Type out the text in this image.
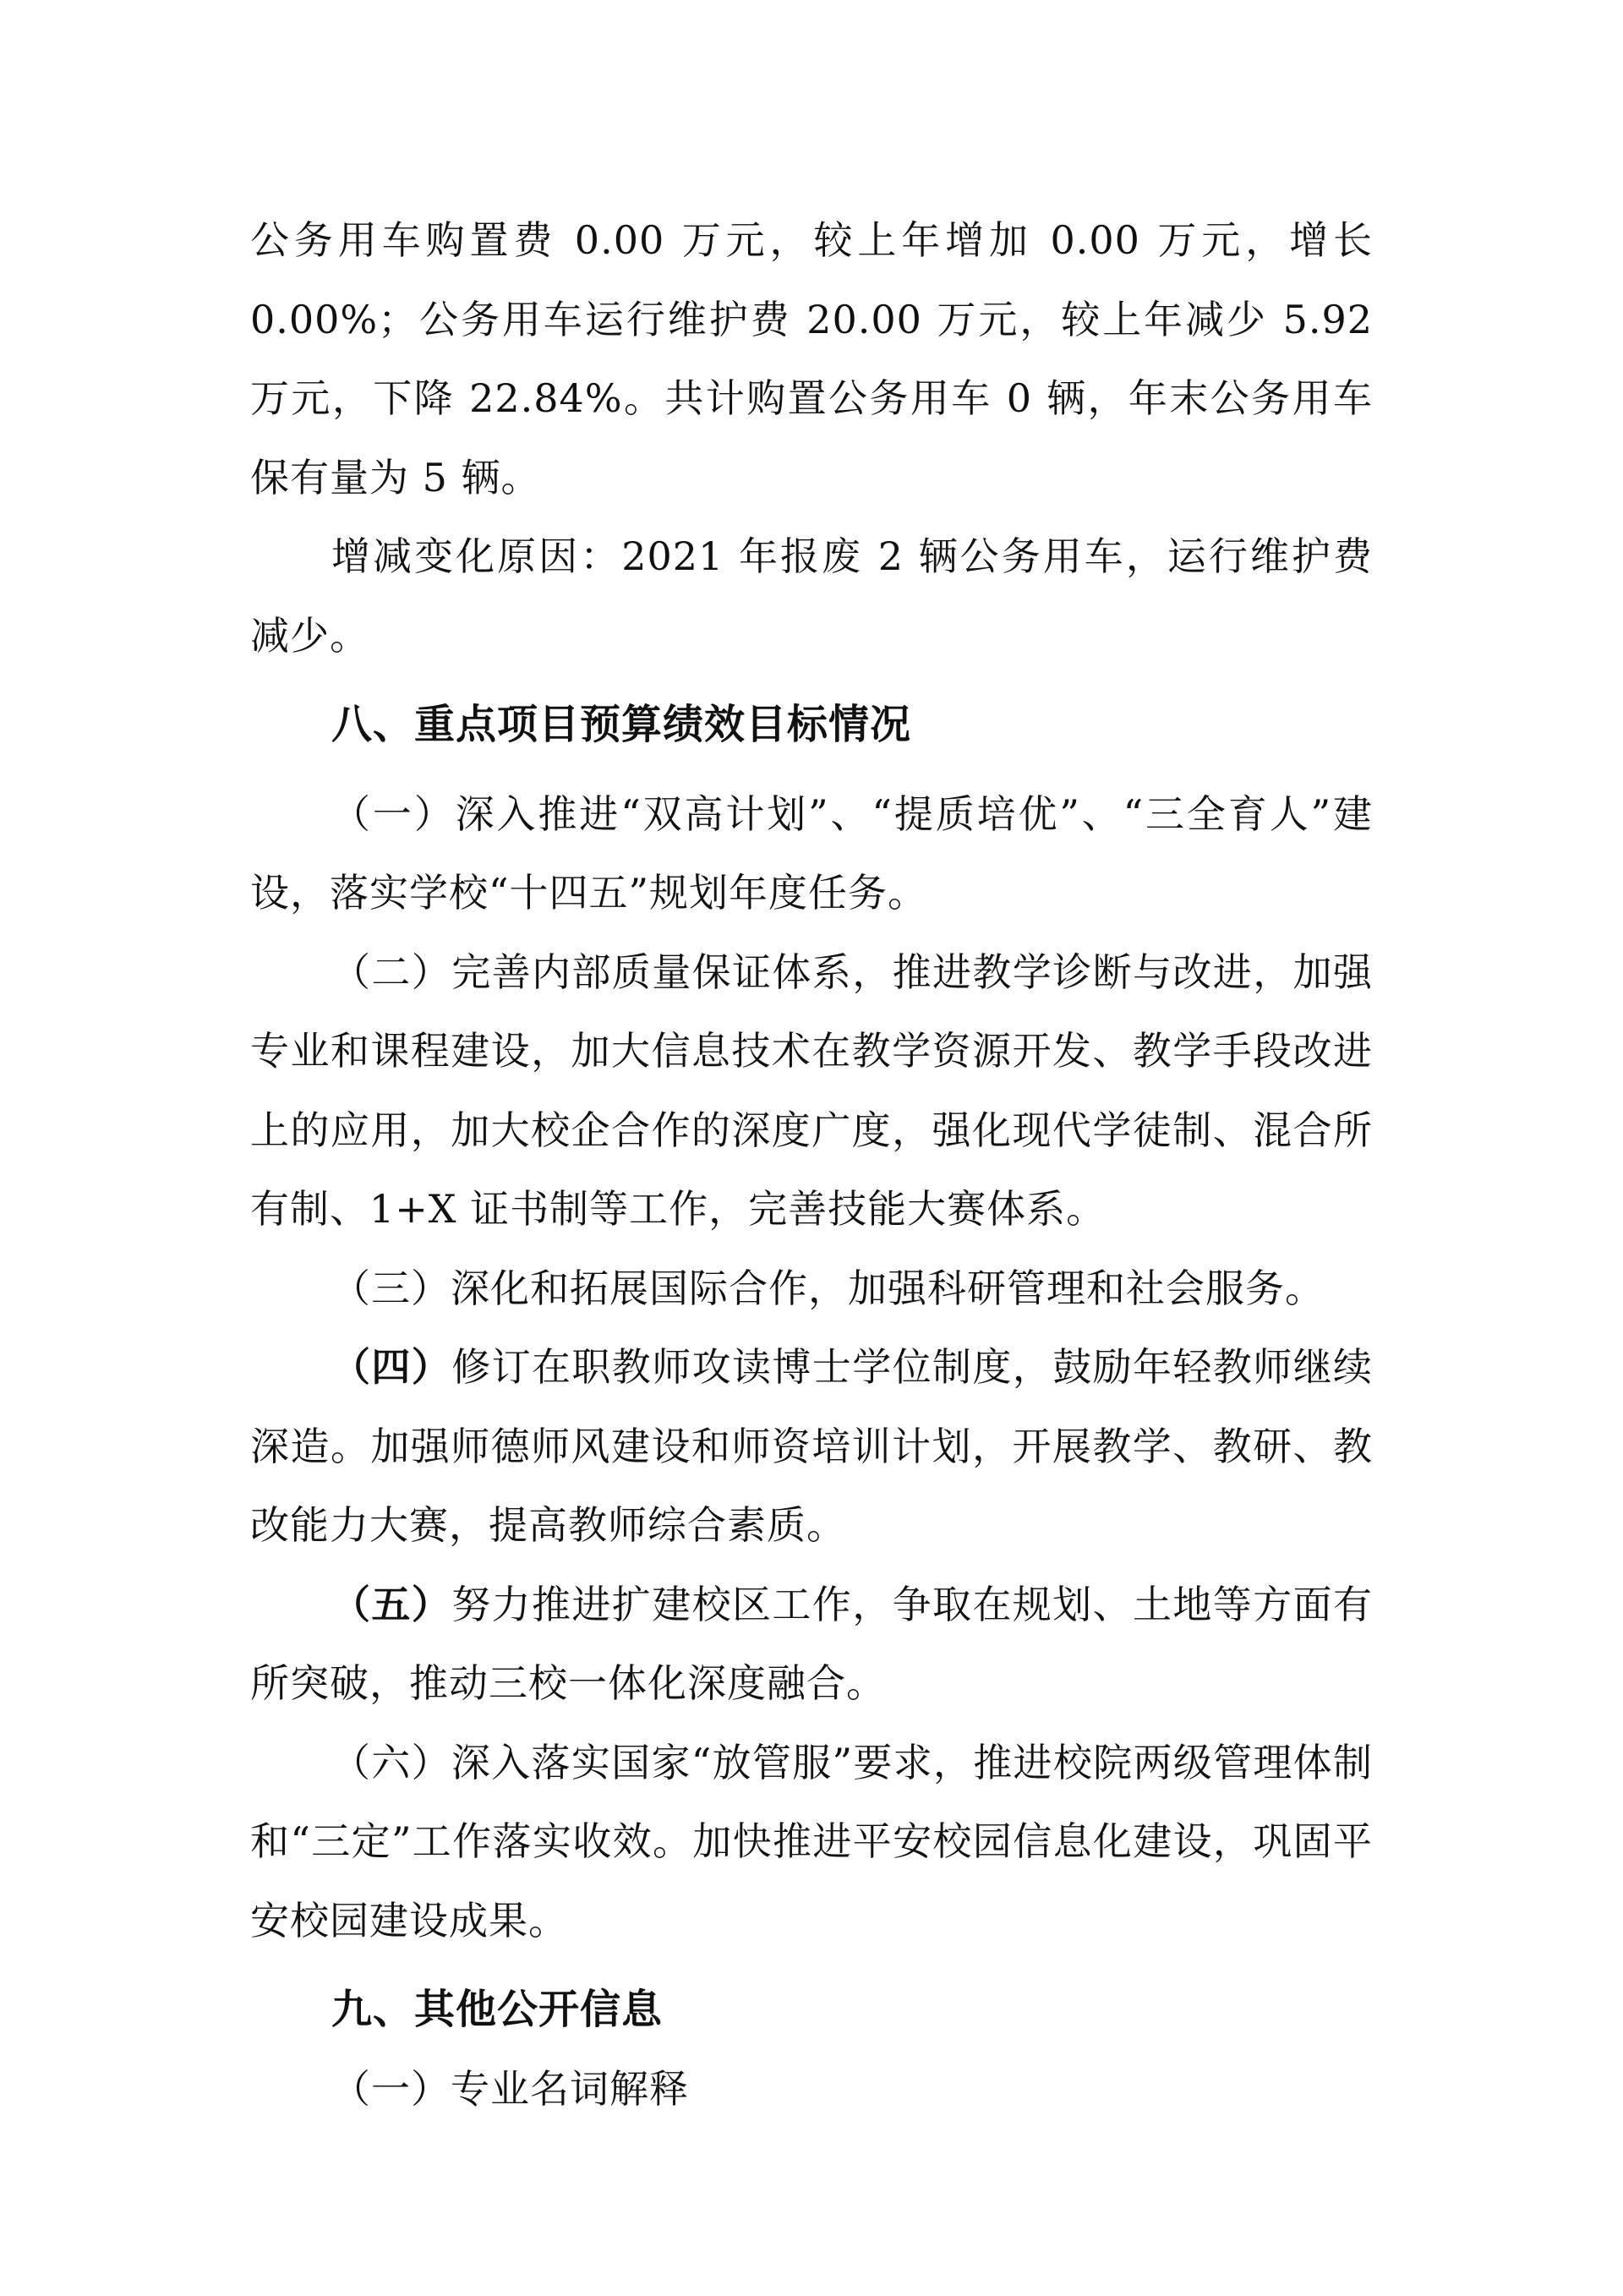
公务用车购置费 0.00 万元，较上年增加 0.00 万元，增长 0.00%；公务用车运行维护费 20.00 万元，较上年减少 5.92 万元，下降 22.84%。共计购置公务用车 0 辆，年末公务用车保有量为 5 辆。

增减变化原因：2021 年报废 2 辆公务用车，运行维护费减少。

八、重点项目预算绩效目标情况

（一）深入推进“双高计划”、“提质培优”、“三全育人”建设，落实学校“十四五”规划年度任务。

（二）完善内部质量保证体系，推进教学诊断与改进，加强专业和课程建设，加大信息技术在教学资源开发、教学手段改进上的应用，加大校企合作的深度广度，强化现代学徒制、混合所有制、1+X 证书制等工作，完善技能大赛体系。

（三）深化和拓展国际合作，加强科研管理和社会服务。

（四）修订在职教师攻读博士学位制度，鼓励年轻教师继续深造。加强师德师风建设和师资培训计划，开展教学、教研、教改能力大赛，提高教师综合素质。

（五）努力推进扩建校区工作，争取在规划、土地等方面有所突破，推动三校一体化深度融合。

（六）深入落实国家“放管服”要求，推进校院两级管理体制和“三定”工作落实收效。加快推进平安校园信息化建设，巩固平安校园建设成果。

九、其他公开信息

（一）专业名词解释
